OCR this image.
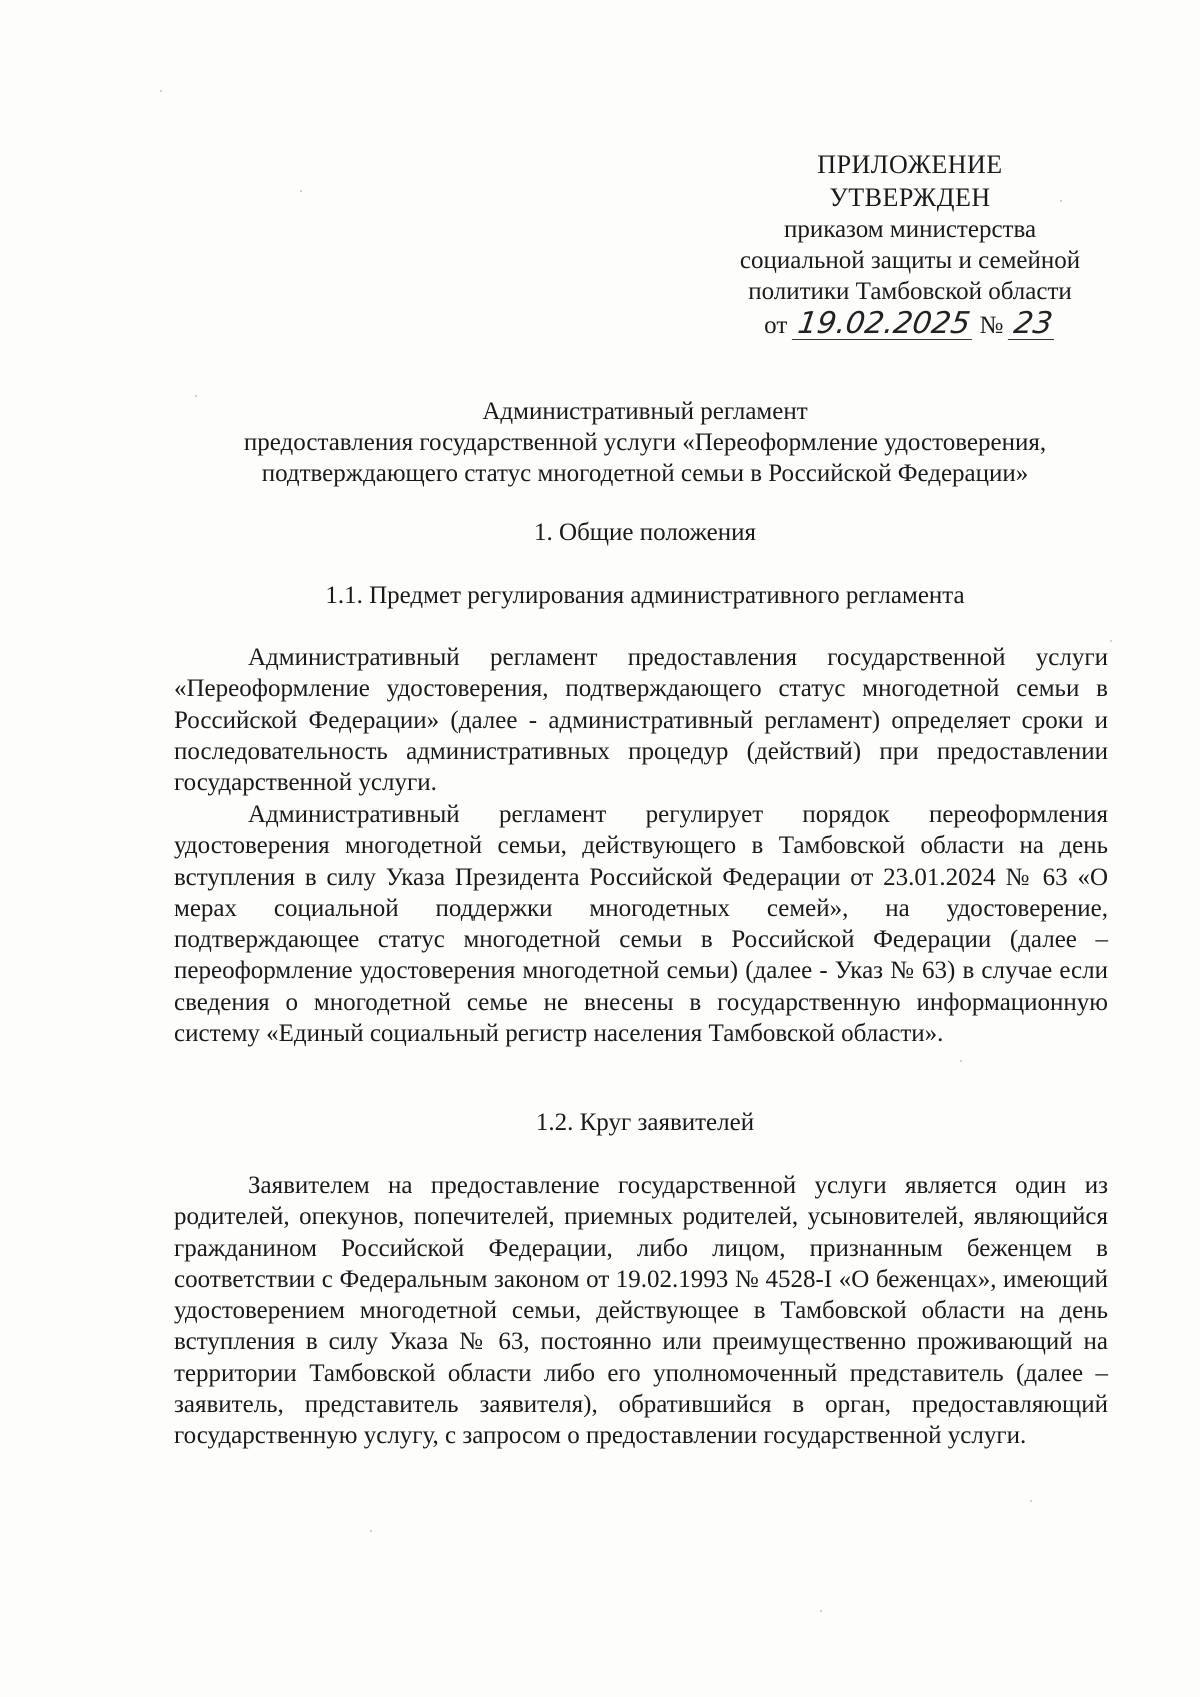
ПРИЛОЖЕНИЕ
УТВЕРЖДЕН
приказом министерства
социальной защиты и семейной
политики Тамбовской области
от 19.02.2025 № 23
Административный регламент
предоставления государственной услуги «Переоформление удостоверения,
подтверждающего статус многодетной семьи в Российской Федерации»
1. Общие положения
1.1. Предмет регулирования административного регламента
Административный регламент предоставления государственной услуги «Переоформление удостоверения, подтверждающего статус многодетной семьи в Российской Федерации» (далее - административный регламент) определяет сроки и последовательность административных процедур (действий) при предоставлении государственной услуги.
Административный регламент регулирует порядок переоформления удостоверения многодетной семьи, действующего в Тамбовской области на день вступления в силу Указа Президента Российской Федерации от 23.01.2024 № 63 «О мерах социальной поддержки многодетных семей», на удостоверение, подтверждающее статус многодетной семьи в Российской Федерации (далее – переоформление удостоверения многодетной семьи) (далее - Указ № 63) в случае если сведения о многодетной семье не внесены в государственную информационную систему «Единый социальный регистр населения Тамбовской области».
1.2. Круг заявителей
Заявителем на предоставление государственной услуги является один из родителей, опекунов, попечителей, приемных родителей, усыновителей, являющийся гражданином Российской Федерации, либо лицом, признанным беженцем в соответствии с Федеральным законом от 19.02.1993 № 4528-I «О беженцах», имеющий удостоверением многодетной семьи, действующее в Тамбовской области на день вступления в силу Указа № 63, постоянно или преимущественно проживающий на территории Тамбовской области либо его уполномоченный представитель (далее – заявитель, представитель заявителя), обратившийся в орган, предоставляющий государственную услугу, с запросом о предоставлении государственной услуги.
